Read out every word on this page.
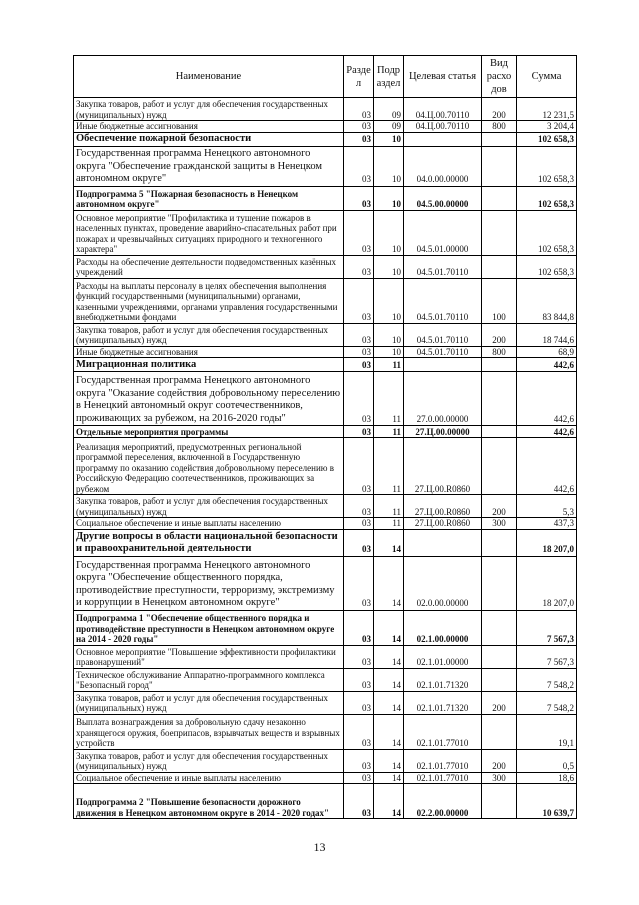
Наименование	Разде л	Подр аздел	Целевая статья	Вид расхо дов	Сумма
Закупка товаров, работ и услуг для обеспечения государственных (муниципальных) нужд	03	09	04.Ц.00.70110	200	12 231,5
Иные бюджетные ассигнования	03	09	04.Ц.00.70110	800	3 204,4
Обеспечение пожарной безопасности	03	10			102 658,3
Государственная программа Ненецкого автономного округа "Обеспечение гражданской защиты в Ненецком автономном округе"	03	10	04.0.00.00000		102 658,3
Подпрограмма 5 "Пожарная безопасность в Ненецком автономном округе"	03	10	04.5.00.00000		102 658,3
Основное мероприятие "Профилактика и тушение пожаров в населенных пунктах, проведение аварийно-спасательных работ при пожарах и чрезвычайных ситуациях природного и техногенного характера"	03	10	04.5.01.00000		102 658,3
Расходы на обеспечение деятельности подведомственных казённых учреждений	03	10	04.5.01.70110		102 658,3
Расходы на выплаты персоналу в целях обеспечения выполнения функций государственными (муниципальными) органами, казенными учреждениями, органами управления государственными внебюджетными фондами	03	10	04.5.01.70110	100	83 844,8
Закупка товаров, работ и услуг для обеспечения государственных (муниципальных) нужд	03	10	04.5.01.70110	200	18 744,6
Иные бюджетные ассигнования	03	10	04.5.01.70110	800	68,9
Миграционная политика	03	11			442,6
Государственная программа Ненецкого автономного округа "Оказание содействия добровольному переселению в Ненецкий автономный округ соотечественников, проживающих за рубежом, на 2016-2020 годы"	03	11	27.0.00.00000		442,6
Отдельные мероприятия программы	03	11	27.Ц.00.00000		442,6
Реализация мероприятий, предусмотренных региональной программой переселения, включенной в Государственную программу по оказанию содействия добровольному переселению в Российскую Федерацию соотечественников, проживающих за рубежом	03	11	27.Ц.00.R0860		442,6
Закупка товаров, работ и услуг для обеспечения государственных (муниципальных) нужд	03	11	27.Ц.00.R0860	200	5,3
Социальное обеспечение и иные выплаты населению	03	11	27.Ц.00.R0860	300	437,3
Другие вопросы в области национальной безопасности и правоохранительной деятельности	03	14			18 207,0
Государственная программа Ненецкого автономного округа "Обеспечение общественного порядка, противодействие преступности, терроризму, экстремизму и коррупции в Ненецком автономном округе"	03	14	02.0.00.00000		18 207,0
Подпрограмма 1 "Обеспечение общественного порядка и противодействие преступности в Ненецком автономном округе на 2014 - 2020 годы"	03	14	02.1.00.00000		7 567,3
Основное мероприятие "Повышение эффективности профилактики правонарушений"	03	14	02.1.01.00000		7 567,3
Техническое обслуживание Аппаратно-программного комплекса "Безопасный город"	03	14	02.1.01.71320		7 548,2
Закупка товаров, работ и услуг для обеспечения государственных (муниципальных) нужд	03	14	02.1.01.71320	200	7 548,2
Выплата вознаграждения за добровольную сдачу незаконно хранящегося оружия, боеприпасов, взрывчатых веществ и взрывных устройств	03	14	02.1.01.77010		19,1
Закупка товаров, работ и услуг для обеспечения государственных (муниципальных) нужд	03	14	02.1.01.77010	200	0,5
Социальное обеспечение и иные выплаты населению	03	14	02.1.01.77010	300	18,6
Подпрограмма 2 "Повышение безопасности дорожного движения в Ненецком автономном округе в 2014 - 2020 годах"	03	14	02.2.00.00000		10 639,7
13
